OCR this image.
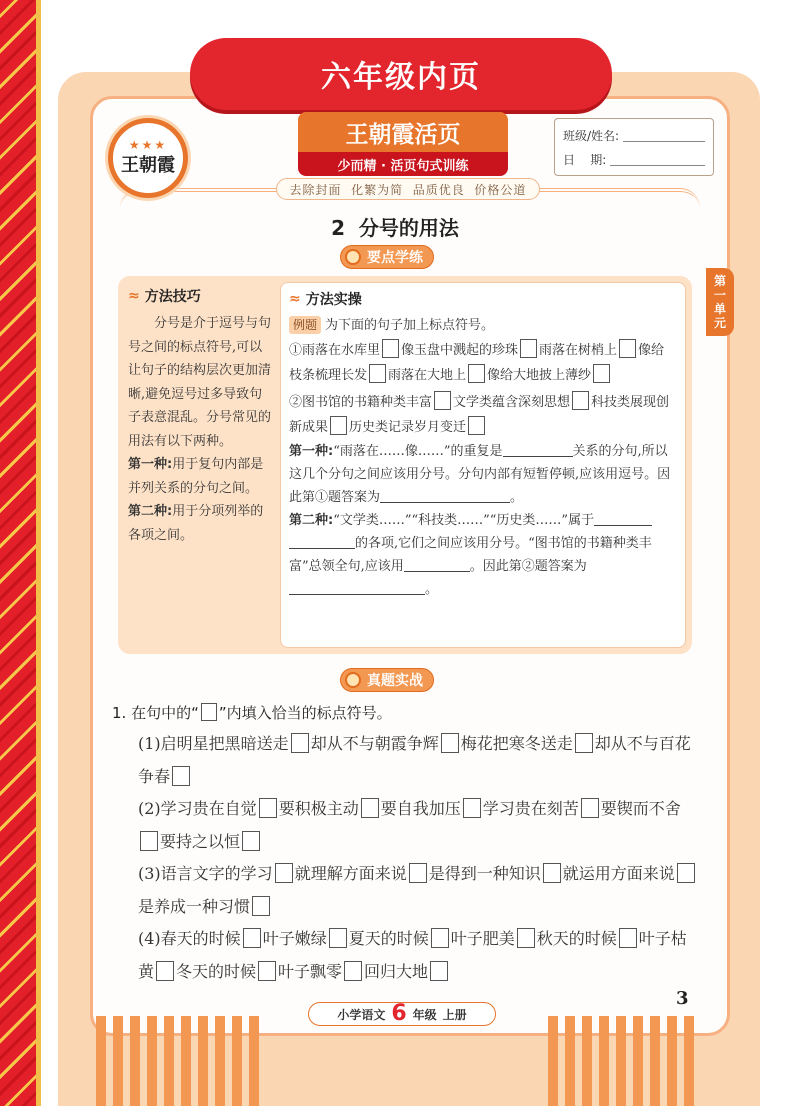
六年级内页
★★★
王朝霞
王朝霞活页
少而精 · 活页句式训练
班级/姓名:
日    期:
去除封面  化繁为简  品质优良  价格公道
2  分号的用法
要点学练
第
一
单
元
≈ 方法技巧

分号是介于逗号与句号之间的标点符号,可以让句子的结构层次更加清晰,避免逗号过多导致句子表意混乱。分号常见的用法有以下两种。
第一种:用于复句内部是并列关系的分句之间。
第二种:用于分项列举的各项之间。

≈ 方法实操
例题 为下面的句子加上标点符号。
①雨落在水库里 像玉盘中溅起的珍珠 雨落在树梢上 像给枝条梳理长发 雨落在大地上 像给大地披上薄纱
②图书馆的书籍种类丰富 文学类蕴含深刻思想 科技类展现创新成果 历史类记录岁月变迁
第一种:“雨落在……像……”的重复是	关系的分句,所以这几个分句之间应该用分号。分句内部有短暂停顿,应该用逗号。因此第①题答案为	。
第二种:“文学类……”“科技类……”“历史类……”属于的各项,它们之间应该用分号。“图书馆的书籍种类丰富”总领全句,应该用	。因此第②题答案为。
真题实战
1. 在句中的“ ”内填入恰当的标点符号。
(1)启明星把黑暗送走 却从不与朝霞争辉 梅花把寒冬送走 却从不与百花争春
(2)学习贵在自觉 要积极主动 要自我加压 学习贵在刻苦 要锲而不舍要持之以恒
(3)语言文字的学习 就理解方面来说 是得到一种知识 就运用方面来说是养成一种习惯
(4)春天的时候 叶子嫩绿 夏天的时候 叶子肥美 秋天的时候 叶子枯黄 冬天的时候 叶子飘零 回归大地
3
小学语文 6 年级 上册
